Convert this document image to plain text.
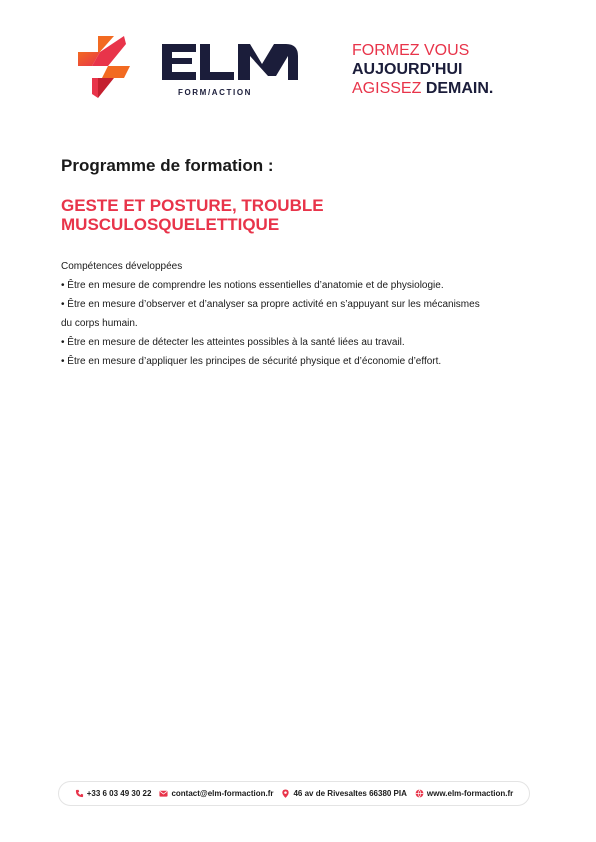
FORM/ACTION
FORMEZ VOUS
AUJOURD'HUI
AGISSEZ DEMAIN.
Programme de formation :
GESTE ET POSTURE, TROUBLE
MUSCULOSQUELETTIQUE
Compétences développées
• Être en mesure de comprendre les notions essentielles d’anatomie et de physiologie.
• Être en mesure d’observer et d’analyser sa propre activité en s’appuyant sur les mécanismes
du corps humain.
• Être en mesure de détecter les atteintes possibles à la santé liées au travail.
• Être en mesure d’appliquer les principes de sécurité physique et d’économie d’effort.
+33 6 03 49 30 22	contact@elm-formaction.fr	46 av de Rivesaltes 66380 PIA	www.elm-formaction.fr
